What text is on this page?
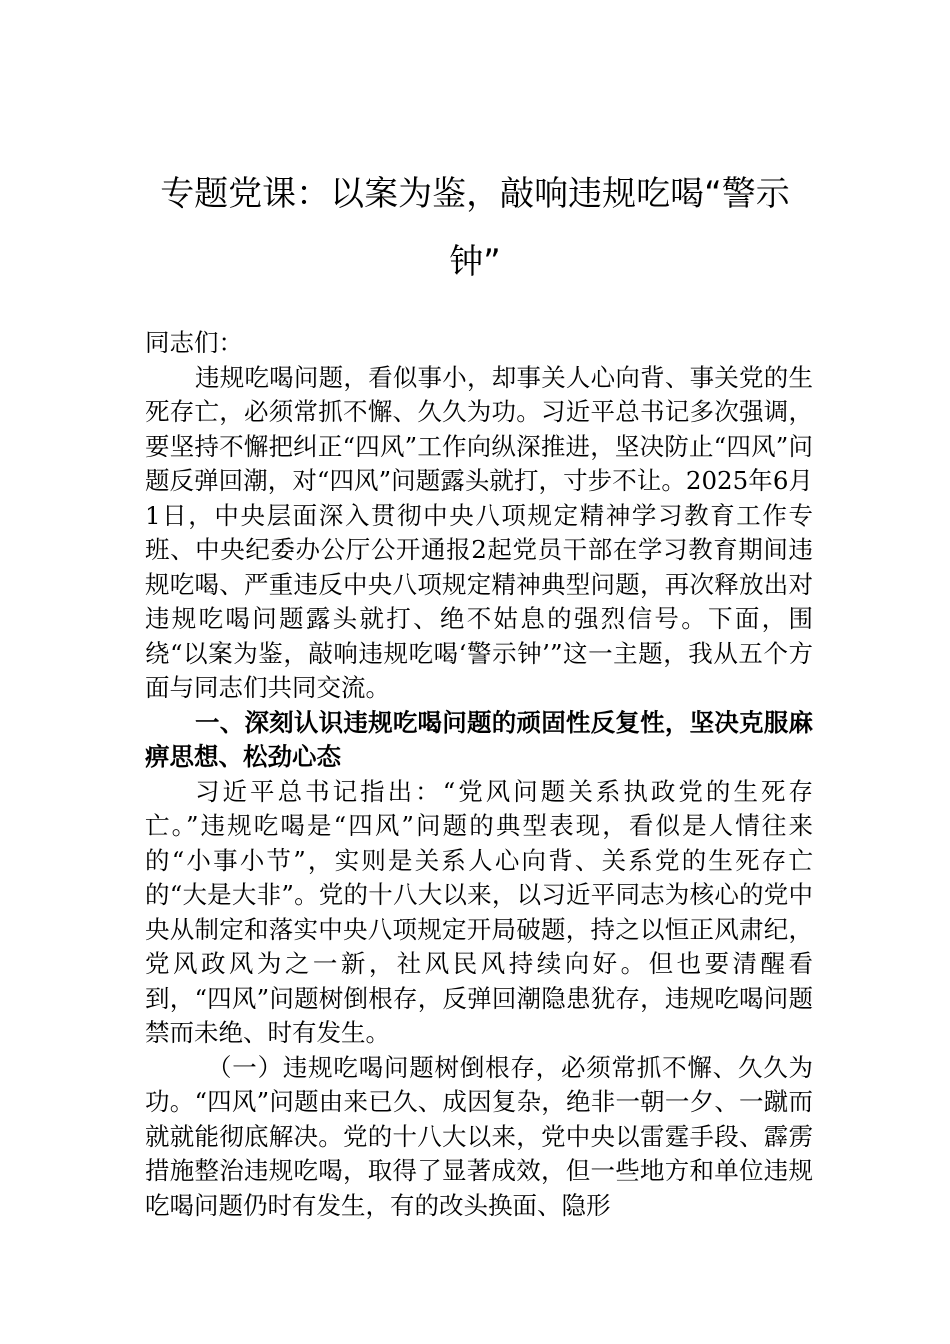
专题党课：以案为鉴，敲响违规吃喝“警示钟”

同志们：

违规吃喝问题，看似事小，却事关人心向背、事关党的生死存亡，必须常抓不懈、久久为功。习近平总书记多次强调，要坚持不懈把纠正“四风”工作向纵深推进，坚决防止“四风”问题反弹回潮，对“四风”问题露头就打，寸步不让。2025年6月1日，中央层面深入贯彻中央八项规定精神学习教育工作专班、中央纪委办公厅公开通报2起党员干部在学习教育期间违规吃喝、严重违反中央八项规定精神典型问题，再次释放出对违规吃喝问题露头就打、绝不姑息的强烈信号。下面，围绕“以案为鉴，敲响违规吃喝‘警示钟’”这一主题，我从五个方面与同志们共同交流。

一、深刻认识违规吃喝问题的顽固性反复性，坚决克服麻痹思想、松劲心态

习近平总书记指出：“党风问题关系执政党的生死存亡。”违规吃喝是“四风”问题的典型表现，看似是人情往来的“小事小节”，实则是关系人心向背、关系党的生死存亡的“大是大非”。党的十八大以来，以习近平同志为核心的党中央从制定和落实中央八项规定开局破题，持之以恒正风肃纪，党风政风为之一新，社风民风持续向好。但也要清醒看到，“四风”问题树倒根存，反弹回潮隐患犹存，违规吃喝问题禁而未绝、时有发生。

（一）违规吃喝问题树倒根存，必须常抓不懈、久久为功。“四风”问题由来已久、成因复杂，绝非一朝一夕、一蹴而就就能彻底解决。党的十八大以来，党中央以雷霆手段、霹雳措施整治违规吃喝，取得了显著成效，但一些地方和单位违规吃喝问题仍时有发生，有的改头换面、隐形
